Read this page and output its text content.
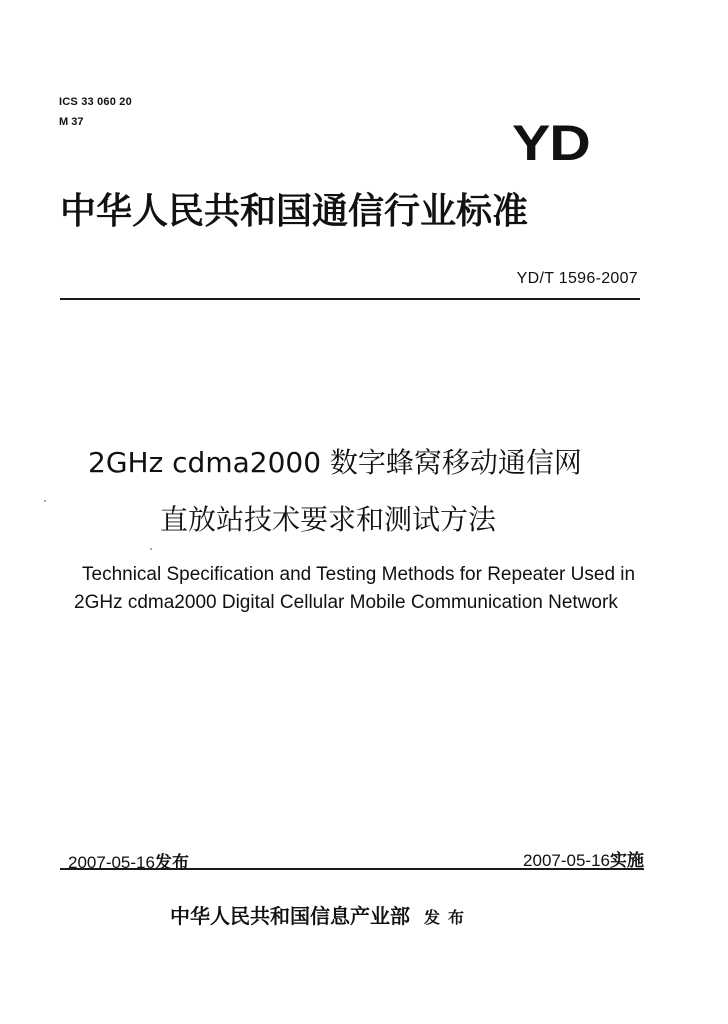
ICS 33 060 20
M 37	YD
中华人民共和国通信行业标准
YD/T 1596-2007
2GHz cdma2000 数字蜂窝移动通信网
直放站技术要求和测试方法
Technical Specification and Testing Methods for Repeater Used in
2GHz cdma2000 Digital Cellular Mobile Communication Network
2007-05-16发布	2007-05-16实施
中华人民共和国信息产业部 发布
